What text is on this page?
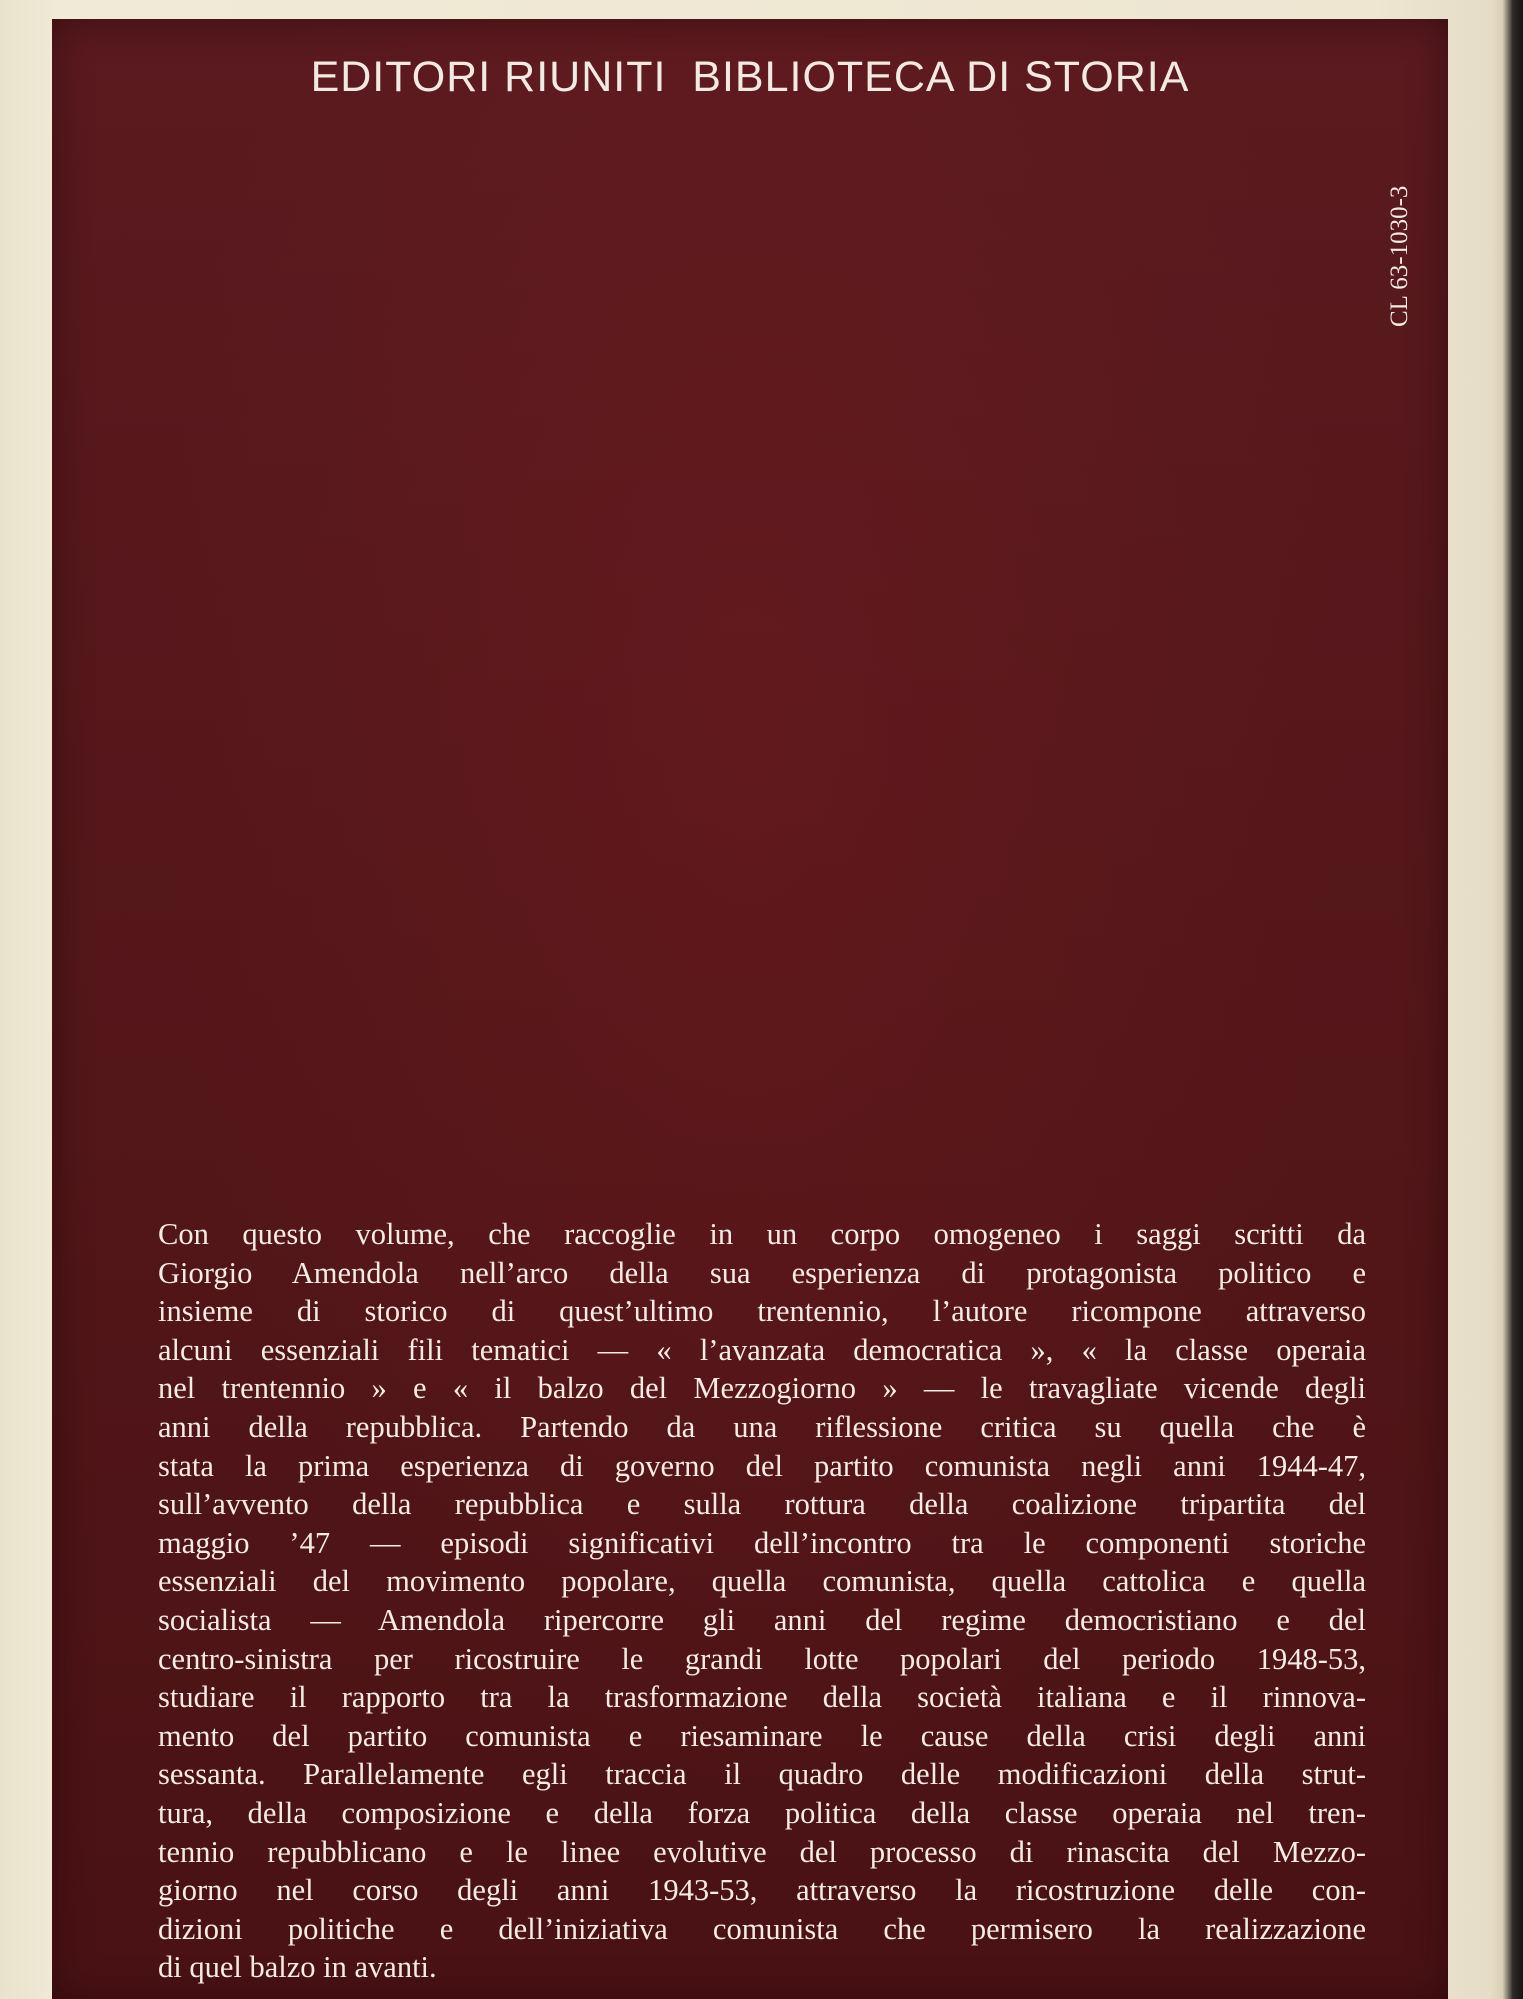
EDITORI RIUNITI  BIBLIOTECA DI STORIA
CL 63-1030-3

Con questo volume, che raccoglie in un corpo omogeneo i saggi scritti da
Giorgio Amendola nell’arco della sua esperienza di protagonista politico e
insieme di storico di quest’ultimo trentennio, l’autore ricompone attraverso
alcuni essenziali fili tematici — « l’avanzata democratica », « la classe operaia
nel trentennio » e « il balzo del Mezzogiorno » — le travagliate vicende degli
anni della repubblica. Partendo da una riflessione critica su quella che è
stata la prima esperienza di governo del partito comunista negli anni 1944-47,
sull’avvento della repubblica e sulla rottura della coalizione tripartita del
maggio ’47 — episodi significativi dell’incontro tra le componenti storiche
essenziali del movimento popolare, quella comunista, quella cattolica e quella
socialista — Amendola ripercorre gli anni del regime democristiano e del
centro-sinistra per ricostruire le grandi lotte popolari del periodo 1948-53,
studiare il rapporto tra la trasformazione della società italiana e il rinnova-
mento del partito comunista e riesaminare le cause della crisi degli anni
sessanta. Parallelamente egli traccia il quadro delle modificazioni della strut-
tura, della composizione e della forza politica della classe operaia nel tren-
tennio repubblicano e le linee evolutive del processo di rinascita del Mezzo-
giorno nel corso degli anni 1943-53, attraverso la ricostruzione delle con-
dizioni politiche e dell’iniziativa comunista che permisero la realizzazione
di quel balzo in avanti.
